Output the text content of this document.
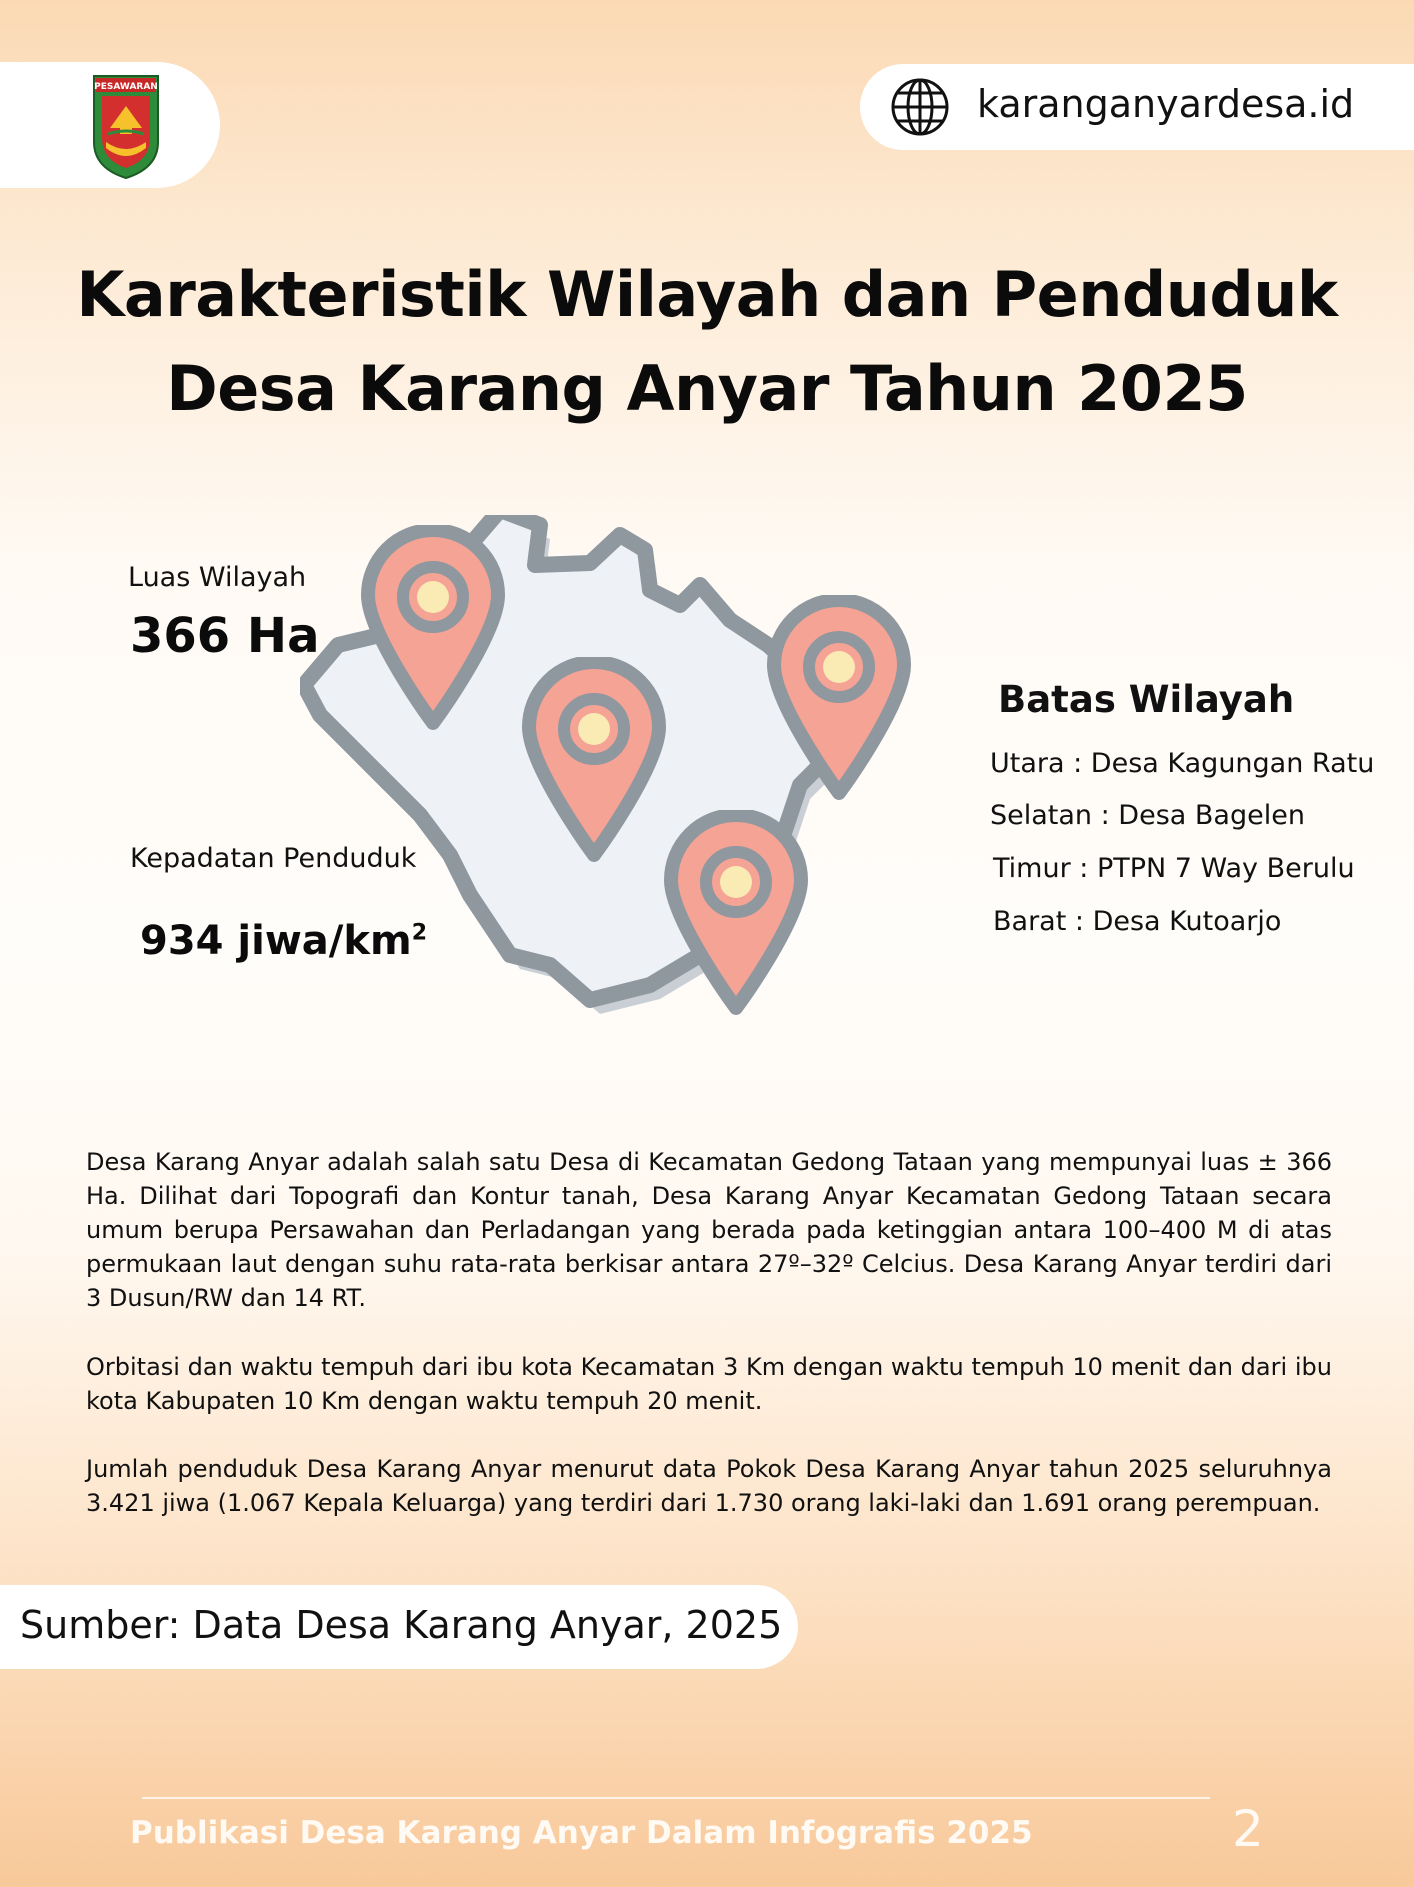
PESAWARAN	karanganyardesa.id
Karakteristik Wilayah dan Penduduk
Desa Karang Anyar Tahun 2025
Luas Wilayah
366 Ha
Kepadatan Penduduk
934 jiwa/$km^2$
Batas Wilayah
Utara : Desa Kagungan Ratu
Selatan : Desa Bagelen
Timur : PTPN 7 Way Berulu
Barat : Desa Kutoarjo

Desa Karang Anyar adalah salah satu Desa di Kecamatan Gedong Tataan yang mempunyai luas ± 366 Ha. Dilihat dari Topografi dan Kontur tanah, Desa Karang Anyar Kecamatan Gedong Tataan secara umum berupa Persawahan dan Perladangan yang berada pada ketinggian antara 100–400 M di atas permukaan laut dengan suhu rata-rata berkisar antara 27º–32º Celcius. Desa Karang Anyar terdiri dari 3 Dusun/RW dan 14 RT.

Orbitasi dan waktu tempuh dari ibu kota Kecamatan 3 Km dengan waktu tempuh 10 menit dan dari ibu kota Kabupaten 10 Km dengan waktu tempuh 20 menit.

Jumlah penduduk Desa Karang Anyar menurut data Pokok Desa Karang Anyar tahun 2025 seluruhnya 3.421 jiwa (1.067 Kepala Keluarga) yang terdiri dari 1.730 orang laki-laki dan 1.691 orang perempuan.

Sumber: Data Desa Karang Anyar, 2025
Publikasi Desa Karang Anyar Dalam Infografis 2025	2
